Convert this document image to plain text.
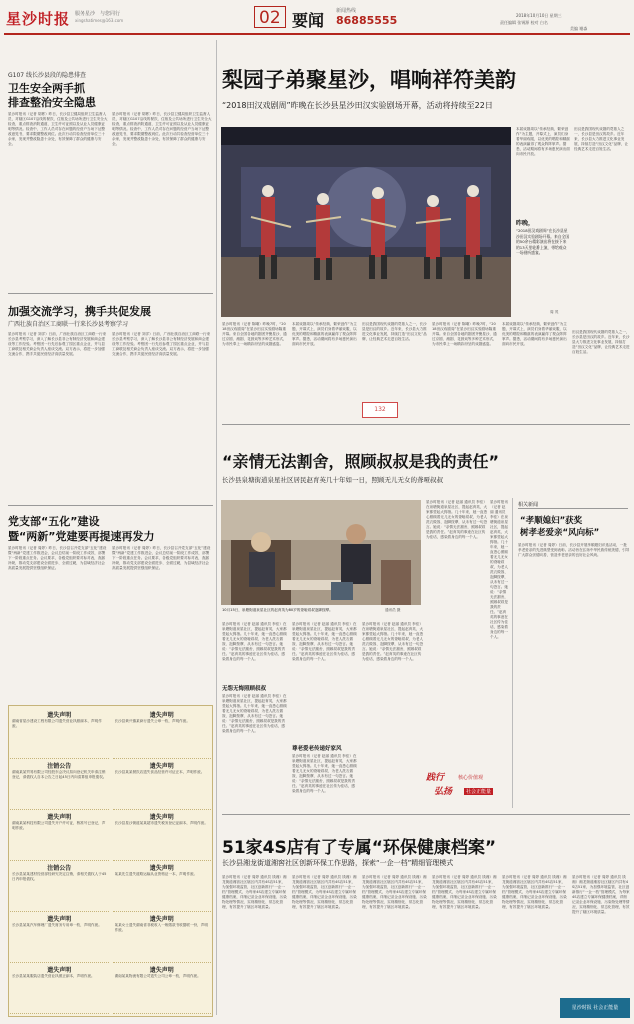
星沙时报 服务星沙 与您同行
xingshatimes@163.com	02 要闻 新闻热线
86885555	2018年10月10日 星期三
责任编辑 张锡源 校对 白名
美编 谢淼
G107 线长沙县段的隐患排查
卫生安全两手抓
排查整治安全隐患
星沙时报讯（记者 胡彬）昨日，长沙县卫健局组织卫生监督人员，对辖区G107沿线的餐饮、住宿及公共场所进行卫生安全大检查，重点排查消防通道、卫生许可证照以及从业人员健康证明等情况。检查中，工作人员对存在问题的经营户当场下达整改意见书，要求限期整改到位。此次行动共检查经营单位三十余家，发现并整改隐患十余处，有效保障了群众的健康与安全。
星沙时报讯（记者 胡彬）昨日，长沙县卫健局组织卫生监督人员，对辖区G107沿线的餐饮、住宿及公共场所进行卫生安全大检查，重点排查消防通道、卫生许可证照以及从业人员健康证明等情况。检查中，工作人员对存在问题的经营户当场下达整改意见书，要求限期整改到位。此次行动共检查经营单位三十余家，发现并整改隐患十余处，有效保障了群众的健康与安全。
加强交流学习，携手共促发展
广西壮族自治区工商联一行来长沙县考察学习
星沙时报讯（记者 刘洋）日前，广西壮族自治区工商联一行来长沙县考察学习，深入了解长沙县非公有制经济发展和商会建设等工作经验。考察团一行先后参观了园区重点企业，并与县工商联及相关商会负责人座谈交流。双方表示，将进一步加强交流合作，携手共促民营经济高质量发展。
星沙时报讯（记者 刘洋）日前，广西壮族自治区工商联一行来长沙县考察学习，深入了解长沙县非公有制经济发展和商会建设等工作经验。考察团一行先后参观了园区重点企业，并与县工商联及相关商会负责人座谈交流。双方表示，将进一步加强交流合作，携手共促民营经济高质量发展。
党支部“五化”建设
暨“两新”党建要再提速再发力
星沙时报讯（记者 周婷）昨日，长沙县召开党支部“五化”建设暨“两新”党建工作推进会，会议总结前一阶段工作成效，部署下一阶段重点任务。会议要求，各级党组织要对标对表，查漏补缺，推动党支部建设全面进步、全面过硬，为县域经济社会高质量发展提供坚强组织保证。
星沙时报讯（记者 周婷）昨日，长沙县召开党支部“五化”建设暨“两新”党建工作推进会，会议总结前一阶段工作成效，部署下一阶段重点任务。会议要求，各级党组织要对标对表，查漏补缺，推动党支部建设全面进步、全面过硬，为县域经济社会高质量发展提供坚强组织保证。
遗失声明
湖南省星沙建设工程有限公司遗失营业执照副本，声明作废。
遗失声明
长沙县黄兴镇某商行遗失公章一枚，声明作废。
注销公告
湖南某某贸易有限公司经股东会决议拟向登记机关申请注销登记，请债权人自本公告之日起45日内向清算组申报债权。
遗失声明
长沙县某某餐饮店遗失食品经营许可证正本，声明作废。
遗失声明
湖南某某科技有限公司遗失开户许可证，核准号已登记，声明作废。
遗失声明
长沙县星沙街道某某超市遗失税务登记证副本，声明作废。
注销公告
长沙县某某建材经营部经研究决定注销，请相关债权人于45日内申报债权。
遗失声明
某某先生遗失道路运输从业资格证一本，声明作废。
遗失声明
长沙县某某汽车修理厂遗失财务专用章一枚，声明作废。
遗失声明
某某女士遗失湖南省非税收入一般缴款书收据联一份，声明作废。
遗失声明
长沙县某某服装店遗失营业执照正副本，声明作废。
遗失声明
湖南某某物流有限公司遗失公司公章一枚，声明作废。
梨园子弟聚星沙，唱响祥符美韵
“2018田汉戏剧周”昨晚在长沙县星沙田汉实验剧场开幕，活动将持续至22日
昨晚，
“2018田汉戏剧周”在长沙县星沙田汉实验剧场开幕。来自全国的50余台精彩演出将在接下来的13天里轮番上演，带给观众一场视听盛宴。
周 茂
田汉是我国现代戏剧的奠基人之一，长沙县是田汉的故乡。近年来，长沙县大力推进文化事业发展，持续打造“田汉文化”品牌，让经典艺术走进百姓生活。
本届戏剧周以“传承经典，繁荣创作”为主题，开幕式上，演员们身着华丽戏服，以优美的唱腔和精湛的表演赢得了观众阵阵掌声。据悉，活动期间将有多场惠民演出面向市民开放。
星沙时报讯（记者 陈曦）昨晚7时，“2018田汉戏剧周”在星沙田汉实验剧场隆重开幕。来自全国各地的剧团齐聚星沙，通过京剧、湘剧、花鼓戏等多种艺术形式，为市民奉上一场精彩纷呈的戏剧盛宴。
本届戏剧周以“传承经典，繁荣创作”为主题，开幕式上，演员们身着华丽戏服，以优美的唱腔和精湛的表演赢得了观众阵阵掌声。据悉，活动期间将有多场惠民演出面向市民开放。
田汉是我国现代戏剧的奠基人之一，长沙县是田汉的故乡。近年来，长沙县大力推进文化事业发展，持续打造“田汉文化”品牌，让经典艺术走进百姓生活。
星沙时报讯（记者 陈曦）昨晚7时，“2018田汉戏剧周”在星沙田汉实验剧场隆重开幕。来自全国各地的剧团齐聚星沙，通过京剧、湘剧、花鼓戏等多种艺术形式，为市民奉上一场精彩纷呈的戏剧盛宴。
本届戏剧周以“传承经典，繁荣创作”为主题，开幕式上，演员们身着华丽戏服，以优美的唱腔和精湛的表演赢得了观众阵阵掌声。据悉，活动期间将有多场惠民演出面向市民开放。
田汉是我国现代戏剧的奠基人之一，长沙县是田汉的故乡。近年来，长沙县大力推进文化事业发展，持续打造“田汉文化”品牌，让经典艺术走进百姓生活。
132
“亲情无法割舍，照顾叔叔是我的责任”
长沙县泉塘街道泉星社区居民赵育英几十年如一日，照顾无儿无女的聋哑叔叔
10月15日，泉塘街道泉星社区的赵育英为80岁的聋哑叔叔泡脚按摩。	通讯员 摄
星沙时报讯（记者 赵丽 通讯员 李佳）在泉塘街道泉星社区，提起赵育英，大家都竖起大拇指。几十年来，她一直悉心照顾着无儿无女的聋哑叔叔，为老人洗衣做饭、泡脚按摩，从未有过一句怨言。她说：“亲情无法割舍，照顾叔叔是我的责任。”赵育英的事迹在社区传为佳话，感染着身边的每一个人。
星沙时报讯（记者 赵丽 通讯员 李佳）在泉塘街道泉星社区，提起赵育英，大家都竖起大拇指。几十年来，她一直悉心照顾着无儿无女的聋哑叔叔，为老人洗衣做饭、泡脚按摩，从未有过一句怨言。她说：“亲情无法割舍，照顾叔叔是我的责任。”赵育英的事迹在社区传为佳话，感染着身边的每一个人。
星沙时报讯（记者 赵丽 通讯员 李佳）在泉塘街道泉星社区，提起赵育英，大家都竖起大拇指。几十年来，她一直悉心照顾着无儿无女的聋哑叔叔，为老人洗衣做饭、泡脚按摩，从未有过一句怨言。她说：“亲情无法割舍，照顾叔叔是我的责任。”赵育英的事迹在社区传为佳话，感染着身边的每一个人。
无怨无悔照顾叔叔
星沙时报讯（记者 赵丽 通讯员 李佳）在泉塘街道泉星社区，提起赵育英，大家都竖起大拇指。几十年来，她一直悉心照顾着无儿无女的聋哑叔叔，为老人洗衣做饭、泡脚按摩，从未有过一句怨言。她说：“亲情无法割舍，照顾叔叔是我的责任。”赵育英的事迹在社区传为佳话，感染着身边的每一个人。
星沙时报讯（记者 赵丽 通讯员 李佳）在泉塘街道泉星社区，提起赵育英，大家都竖起大拇指。几十年来，她一直悉心照顾着无儿无女的聋哑叔叔，为老人洗衣做饭、泡脚按摩，从未有过一句怨言。她说：“亲情无法割舍，照顾叔叔是我的责任。”赵育英的事迹在社区传为佳话，感染着身边的每一个人。
尊老爱老传递好家风
星沙时报讯（记者 赵丽 通讯员 李佳）在泉塘街道泉星社区，提起赵育英，大家都竖起大拇指。几十年来，她一直悉心照顾着无儿无女的聋哑叔叔，为老人洗衣做饭、泡脚按摩，从未有过一句怨言。她说：“亲情无法割舍，照顾叔叔是我的责任。”赵育英的事迹在社区传为佳话，感染着身边的每一个人。
星沙时报讯（记者 赵丽 通讯员 李佳）在泉塘街道泉星社区，提起赵育英，大家都竖起大拇指。几十年来，她一直悉心照顾着无儿无女的聋哑叔叔，为老人洗衣做饭、泡脚按摩，从未有过一句怨言。她说：“亲情无法割舍，照顾叔叔是我的责任。”赵育英的事迹在社区传为佳话，感染着身边的每一个人。
践行
弘扬
核心价值观
社会正能量
相关新闻
“孝顺媳妇”获奖
树孝老爱亲“风向标”
星沙时报讯（记者 周婷）日前，长沙县开展孝顺媳妇评选活动，一批孝老爱亲的先进典型受到表彰。活动旨在弘扬中华民族传统美德，引导广大群众崇德向善，营造孝老爱亲的良好社会风尚。
51家4S店有了专属“环保健康档案”
长沙县湘龙街道湘窖社区创新环保工作思路，探索“一企一档”精细管理模式
星沙时报讯（记者 周婷 通讯员 钱湘）湘龙街道湘窖社区辖区内共有4S店51家，为加强环境监管，社区创新推行“一企一档”管理模式，为每家4S店建立专属环保健康档案，详细记录企业环保设施、污染物处理等情况，实现精细化、常态化管理，有效提升了辖区环境质量。
星沙时报讯（记者 周婷 通讯员 钱湘）湘龙街道湘窖社区辖区内共有4S店51家，为加强环境监管，社区创新推行“一企一档”管理模式，为每家4S店建立专属环保健康档案，详细记录企业环保设施、污染物处理等情况，实现精细化、常态化管理，有效提升了辖区环境质量。
星沙时报讯（记者 周婷 通讯员 钱湘）湘龙街道湘窖社区辖区内共有4S店51家，为加强环境监管，社区创新推行“一企一档”管理模式，为每家4S店建立专属环保健康档案，详细记录企业环保设施、污染物处理等情况，实现精细化、常态化管理，有效提升了辖区环境质量。
星沙时报讯（记者 周婷 通讯员 钱湘）湘龙街道湘窖社区辖区内共有4S店51家，为加强环境监管，社区创新推行“一企一档”管理模式，为每家4S店建立专属环保健康档案，详细记录企业环保设施、污染物处理等情况，实现精细化、常态化管理，有效提升了辖区环境质量。
星沙时报讯（记者 周婷 通讯员 钱湘）湘龙街道湘窖社区辖区内共有4S店51家，为加强环境监管，社区创新推行“一企一档”管理模式，为每家4S店建立专属环保健康档案，详细记录企业环保设施、污染物处理等情况，实现精细化、常态化管理，有效提升了辖区环境质量。
星沙时报讯（记者 周婷 通讯员 钱湘）湘龙街道湘窖社区辖区内共有4S店51家，为加强环境监管，社区创新推行“一企一档”管理模式，为每家4S店建立专属环保健康档案，详细记录企业环保设施、污染物处理等情况，实现精细化、常态化管理，有效提升了辖区环境质量。
星沙时报 社会正能量
